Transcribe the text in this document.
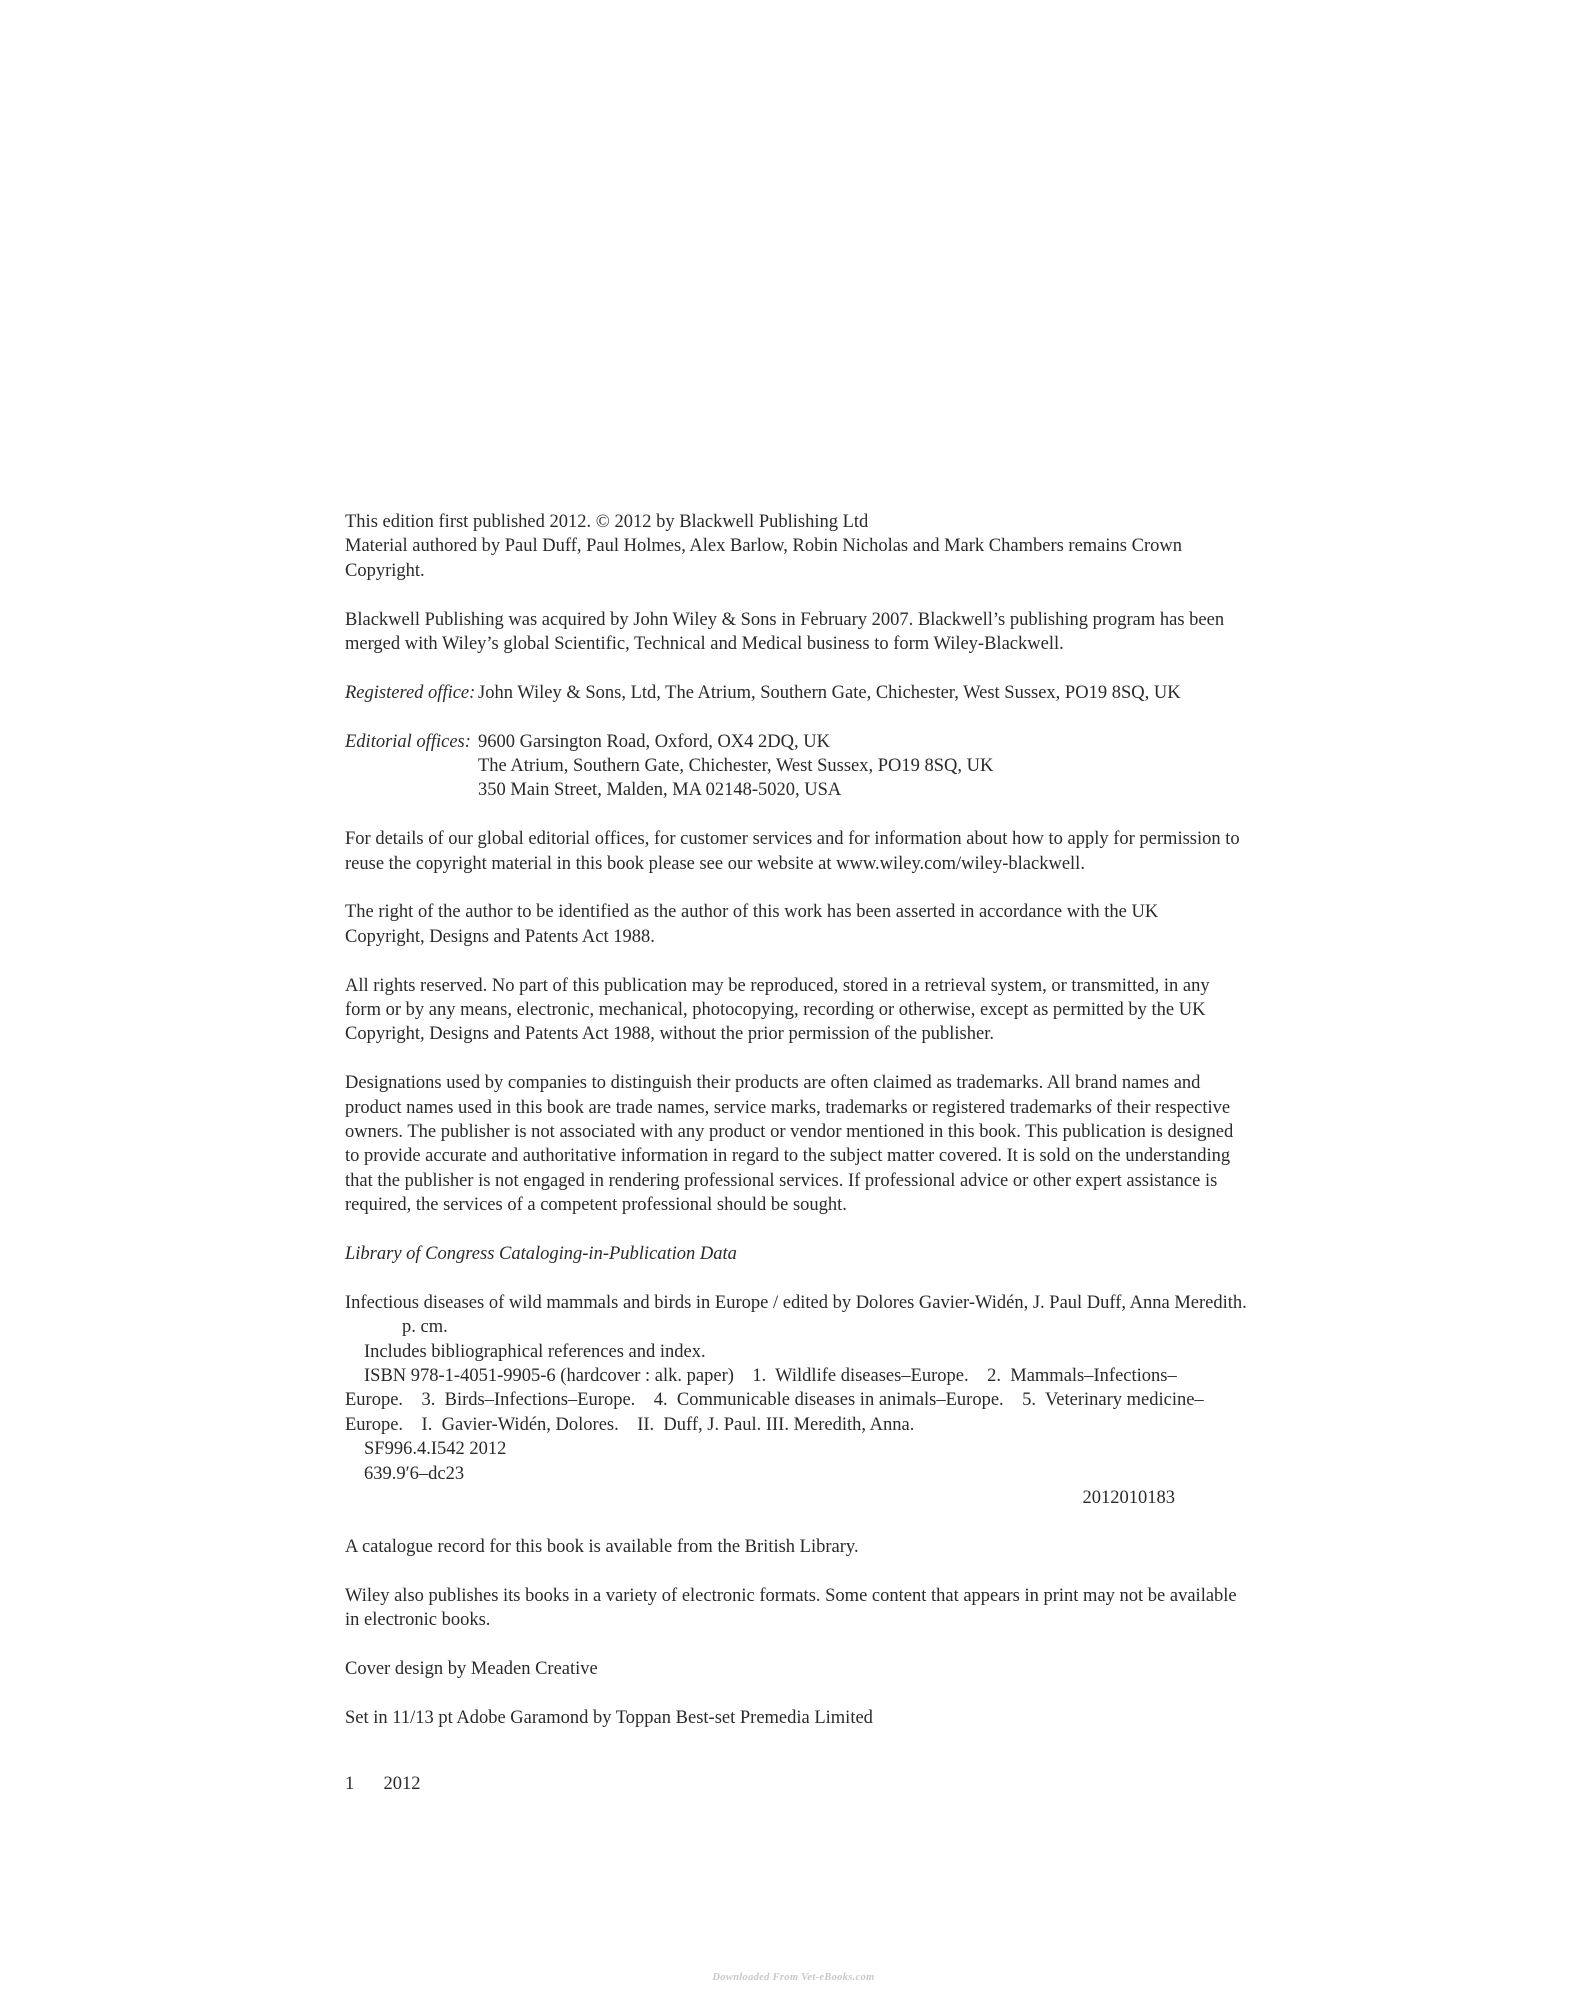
This edition first published 2012. © 2012 by Blackwell Publishing Ltd
Material authored by Paul Duff, Paul Holmes, Alex Barlow, Robin Nicholas and Mark Chambers remains Crown
Copyright.

Blackwell Publishing was acquired by John Wiley & Sons in February 2007. Blackwell’s publishing program has been
merged with Wiley’s global Scientific, Technical and Medical business to form Wiley-Blackwell.

Registered office: John Wiley & Sons, Ltd, The Atrium, Southern Gate, Chichester, West Sussex, PO19 8SQ, UK
Editorial offices: 9600 Garsington Road, Oxford, OX4 2DQ, UK
The Atrium, Southern Gate, Chichester, West Sussex, PO19 8SQ, UK
350 Main Street, Malden, MA 02148-5020, USA

For details of our global editorial offices, for customer services and for information about how to apply for permission to
reuse the copyright material in this book please see our website at www.wiley.com/wiley-blackwell.

The right of the author to be identified as the author of this work has been asserted in accordance with the UK
Copyright, Designs and Patents Act 1988.

All rights reserved. No part of this publication may be reproduced, stored in a retrieval system, or transmitted, in any
form or by any means, electronic, mechanical, photocopying, recording or otherwise, except as permitted by the UK
Copyright, Designs and Patents Act 1988, without the prior permission of the publisher.

Designations used by companies to distinguish their products are often claimed as trademarks. All brand names and
product names used in this book are trade names, service marks, trademarks or registered trademarks of their respective
owners. The publisher is not associated with any product or vendor mentioned in this book. This publication is designed
to provide accurate and authoritative information in regard to the subject matter covered. It is sold on the understanding
that the publisher is not engaged in rendering professional services. If professional advice or other expert assistance is
required, the services of a competent professional should be sought.

Library of Congress Cataloging-in-Publication Data

Infectious diseases of wild mammals and birds in Europe / edited by Dolores Gavier-Widén, J. Paul Duff, Anna Meredith.
p. cm.
Includes bibliographical references and index.
ISBN 978-1-4051-9905-6 (hardcover : alk. paper)    1.  Wildlife diseases–Europe.    2.  Mammals–Infections–
Europe.    3.  Birds–Infections–Europe.    4.  Communicable diseases in animals–Europe.    5.  Veterinary medicine–
Europe.    I.  Gavier-Widén, Dolores.    II.  Duff, J. Paul. III. Meredith, Anna.
SF996.4.I542 2012
639.9′6–dc23
2012010183

A catalogue record for this book is available from the British Library.

Wiley also publishes its books in a variety of electronic formats. Some content that appears in print may not be available
in electronic books.

Cover design by Meaden Creative

Set in 11/13 pt Adobe Garamond by Toppan Best-set Premedia Limited

1  2012
Downloaded From Vet-eBooks.com
